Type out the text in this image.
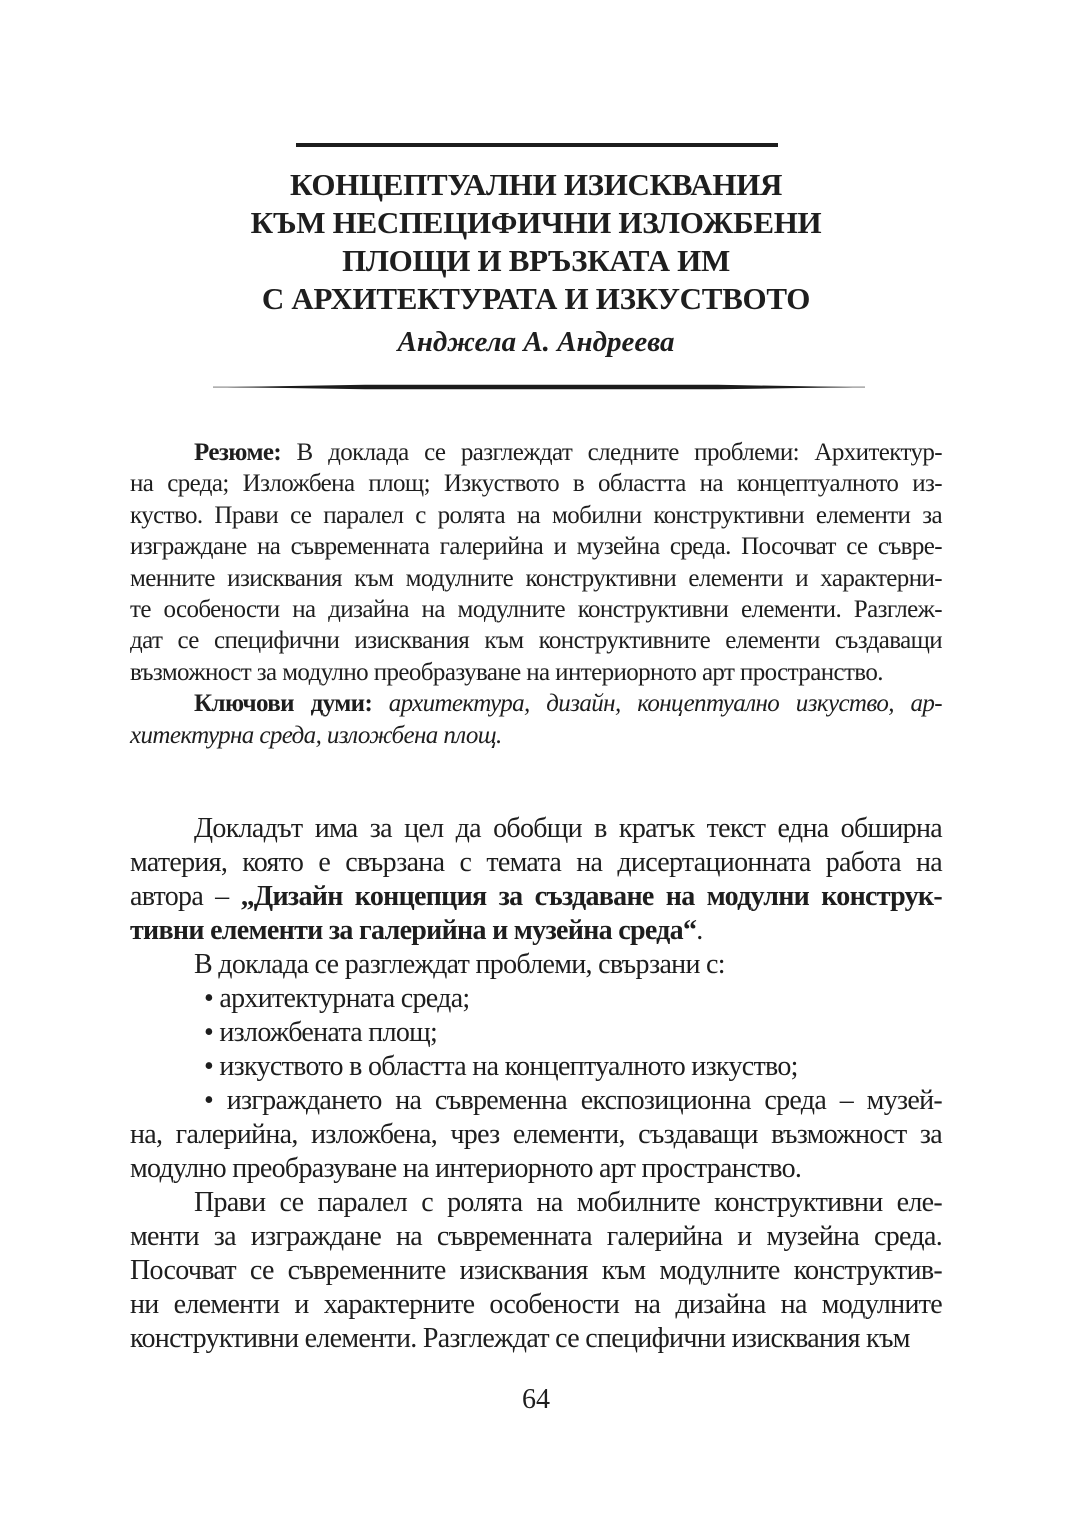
КОНЦЕПТУАЛНИ ИЗИСКВАНИЯ
КЪМ НЕСПЕЦИФИЧНИ ИЗЛОЖБЕНИ
ПЛОЩИ И ВРЪЗКАТА ИМ
С АРХИТЕКТУРАТА И ИЗКУСТВОТО
Анджела А. Андреева
Резюме: В доклада се разглеждат следните проблеми: Архитектур-
на среда; Изложбена площ; Изкуството в областта на концептуалното из-
куство. Прави се паралел с ролята на мобилни конструктивни елементи за
изграждане на съвременната галерийна и музейна среда. Посочват се съвре-
менните изисквания към модулните конструктивни елементи и характерни-
те особености на дизайна на модулните конструктивни елементи. Разглеж-
дат се специфични изисквания към конструктивните елементи създаващи
възможност за модулно преобразуване на интериорното арт пространство.
Ключови думи: архитектура, дизайн, концептуално изкуство, ар-
хитектурна среда, изложбена площ.
Докладът има за цел да обобщи в кратък текст една обширна
материя, която е свързана с темата на дисертационната работа на
автора – „Дизайн концепция за създаване на модулни конструк-
тивни елементи за галерийна и музейна среда“.
В доклада се разглеждат проблеми, свързани с:
• архитектурната среда;
• изложбената площ;
• изкуството в областта на концептуалното изкуство;
• изграждането на съвременна експозиционна среда – музей-
на, галерийна, изложбена, чрез елементи, създаващи възможност за
модулно преобразуване на интериорното арт пространство.
Прави се паралел с ролята на мобилните конструктивни еле-
менти за изграждане на съвременната галерийна и музейна среда.
Посочват се съвременните изисквания към модулните конструктив-
ни елементи и характерните особености на дизайна на модулните
конструктивни елементи. Разглеждат се специфични изисквания към
64
